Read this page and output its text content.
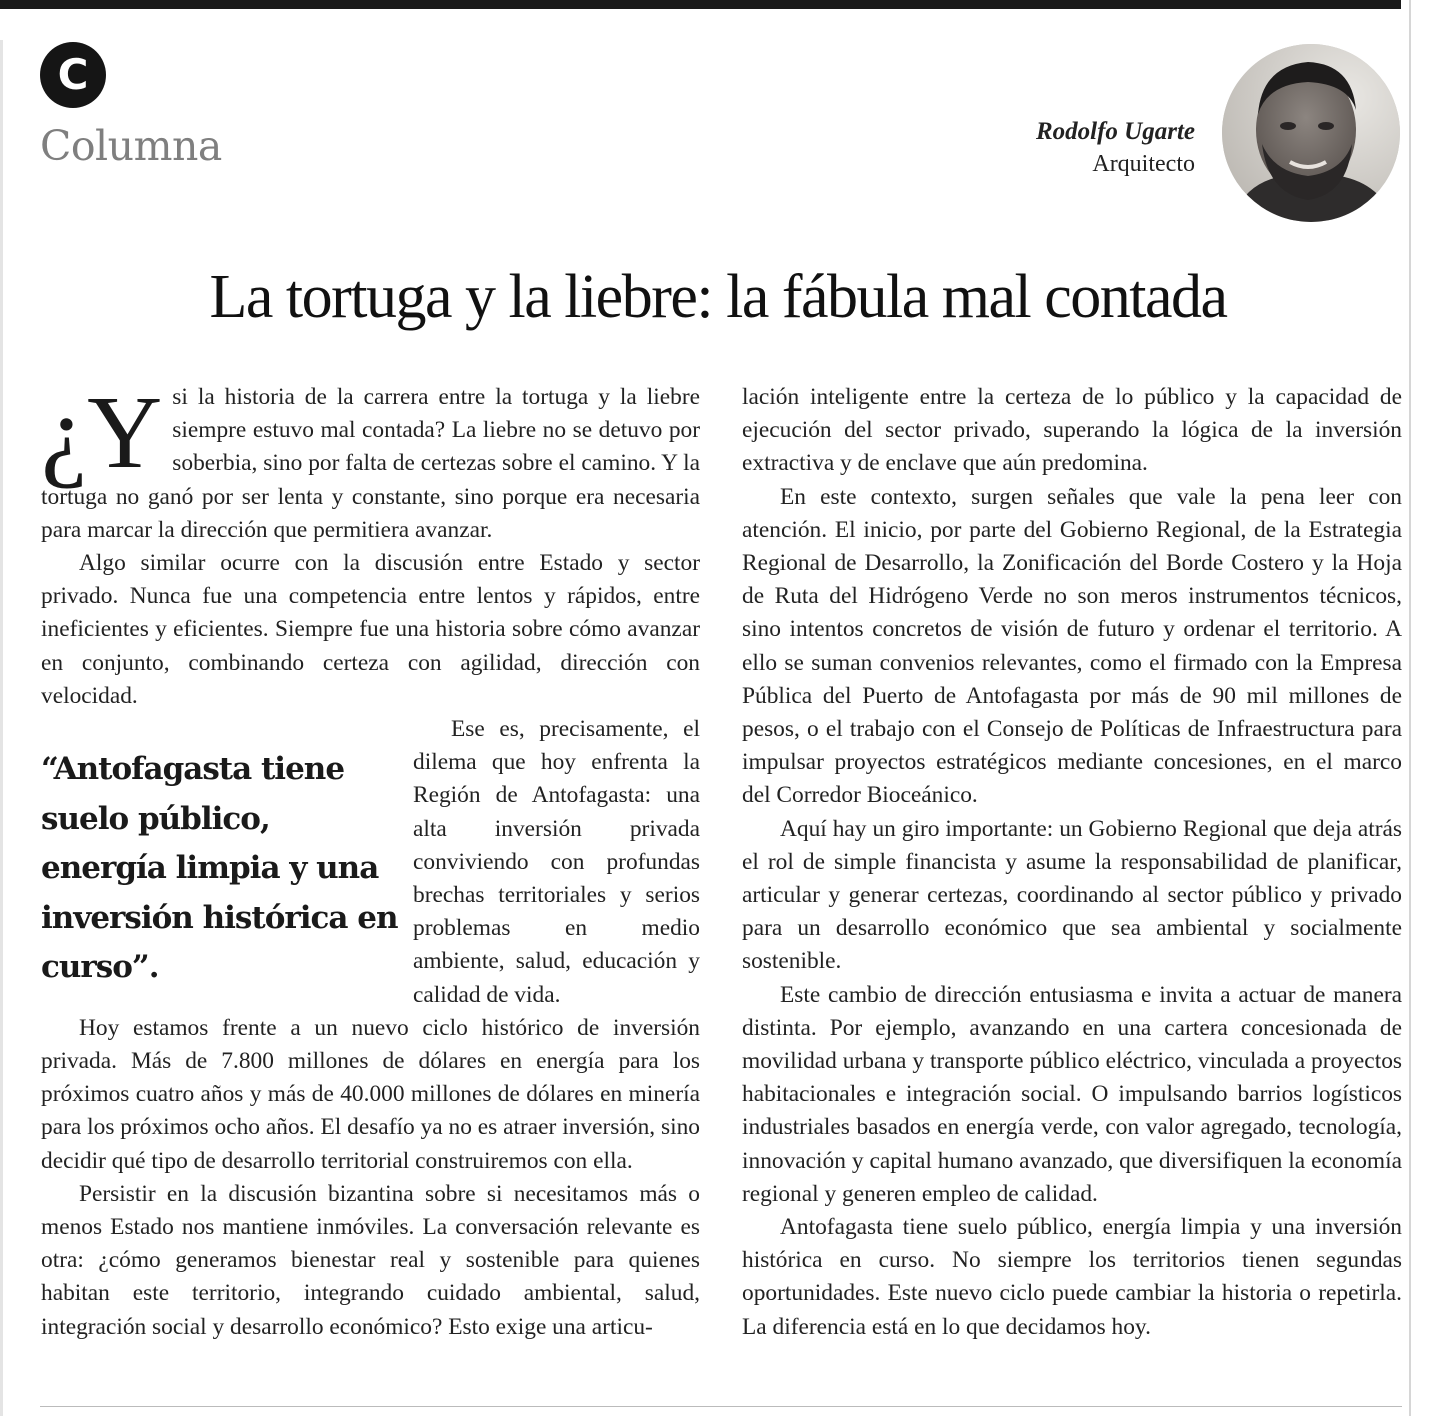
C
Columna	Rodolfo Ugarte
Arquitecto
La tortuga y la liebre: la fábula mal contada
¿Y si la historia de la carrera entre la tortuga y la liebre siempre estuvo mal contada? La liebre no se detuvo por soberbia, sino por falta de certezas sobre el camino. Y la tortuga no ganó por ser lenta y constante, sino porque era necesaria para marcar la dirección que permitiera avanzar.

Algo similar ocurre con la discusión entre Estado y sector privado. Nunca fue una competencia entre lentos y rápidos, entre ineficientes y eficientes. Siempre fue una historia sobre cómo avanzar en conjunto, combinando certeza con agilidad, dirección con velocidad.

“Antofagasta tiene suelo público, energía limpia y una inversión histórica en curso”.

Ese es, precisamente, el dilema que hoy enfrenta la Región de Antofagasta: una alta inversión privada conviviendo con profundas brechas territoriales y serios problemas en medio ambiente, salud, educación y calidad de vida.

Hoy estamos frente a un nuevo ciclo histórico de inversión privada. Más de 7.800 millones de dólares en energía para los próximos cuatro años y más de 40.000 millones de dólares en minería para los próximos ocho años. El desafío ya no es atraer inversión, sino decidir qué tipo de desarrollo territorial construiremos con ella.

Persistir en la discusión bizantina sobre si necesitamos más o menos Estado nos mantiene inmóviles. La conversación relevante es otra: ¿cómo generamos bienestar real y sostenible para quienes habitan este territorio, integrando cuidado ambiental, salud, integración social y desarrollo económico? Esto exige una articu-

lación inteligente entre la certeza de lo público y la capacidad de ejecución del sector privado, superando la lógica de la inversión extractiva y de enclave que aún predomina.

En este contexto, surgen señales que vale la pena leer con atención. El inicio, por parte del Gobierno Regional, de la Estrategia Regional de Desarrollo, la Zonificación del Borde Costero y la Hoja de Ruta del Hidrógeno Verde no son meros instrumentos técnicos, sino intentos concretos de visión de futuro y ordenar el territorio. A ello se suman convenios relevantes, como el firmado con la Empresa Pública del Puerto de Antofagasta por más de 90 mil millones de pesos, o el trabajo con el Consejo de Políticas de Infraestructura para impulsar proyectos estratégicos mediante concesiones, en el marco del Corredor Bioceánico.

Aquí hay un giro importante: un Gobierno Regional que deja atrás el rol de simple financista y asume la responsabilidad de planificar, articular y generar certezas, coordinando al sector público y privado para un desarrollo económico que sea ambiental y socialmente sostenible.

Este cambio de dirección entusiasma e invita a actuar de manera distinta. Por ejemplo, avanzando en una cartera concesionada de movilidad urbana y transporte público eléctrico, vinculada a proyectos habitacionales e integración social. O impulsando barrios logísticos industriales basados en energía verde, con valor agregado, tecnología, innovación y capital humano avanzado, que diversifiquen la economía regional y generen empleo de calidad.

Antofagasta tiene suelo público, energía limpia y una inversión histórica en curso. No siempre los territorios tienen segundas oportunidades. Este nuevo ciclo puede cambiar la historia o repetirla. La diferencia está en lo que decidamos hoy.
